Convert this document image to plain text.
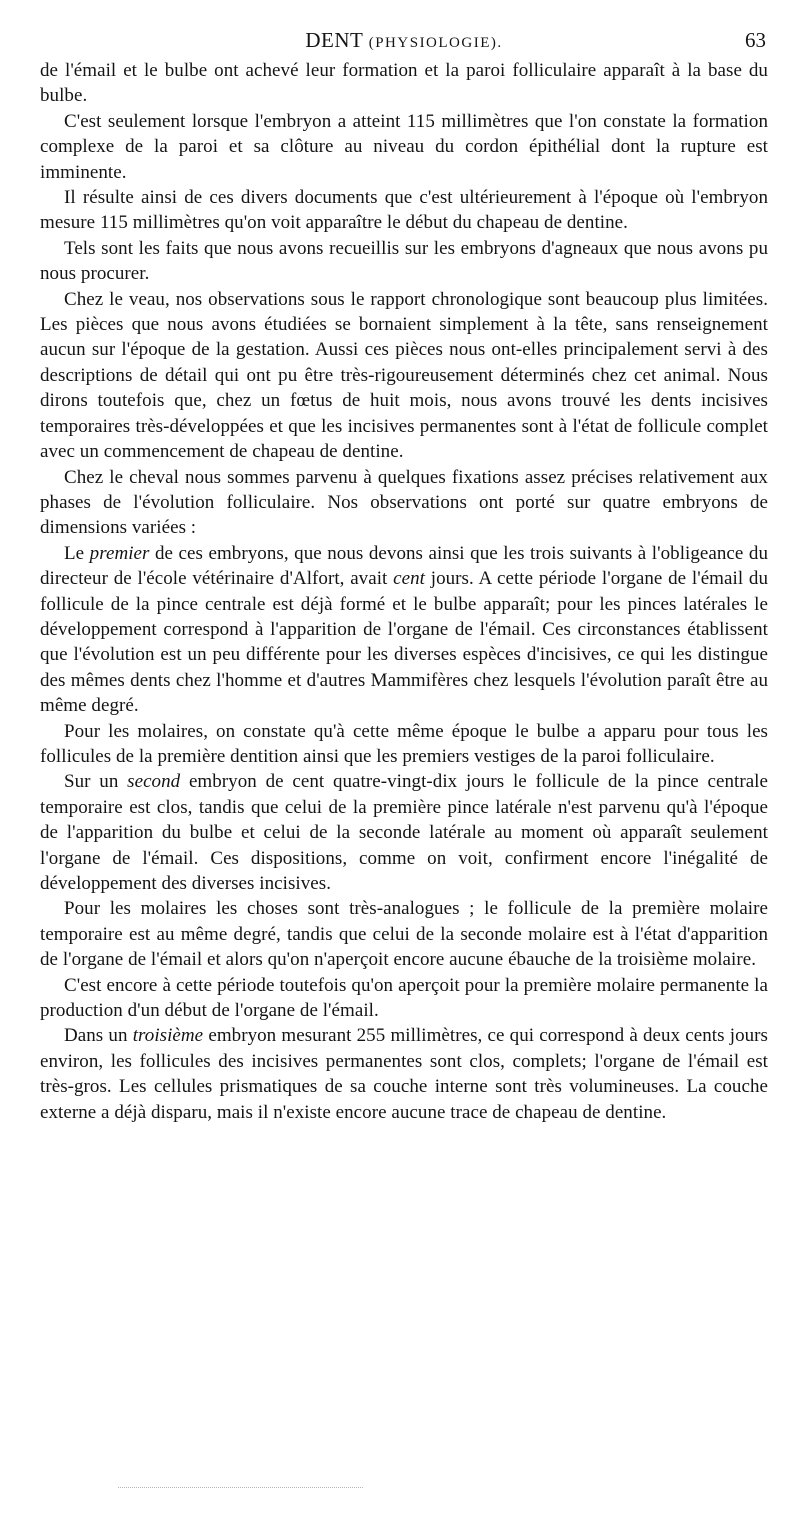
DENT (PHYSIOLOGIE).	63

de l'émail et le bulbe ont achevé leur formation et la paroi folliculaire apparaît à la base du bulbe.

C'est seulement lorsque l'embryon a atteint 115 millimètres que l'on constate la formation complexe de la paroi et sa clôture au niveau du cordon épithélial dont la rupture est imminente.

Il résulte ainsi de ces divers documents que c'est ultérieurement à l'époque où l'embryon mesure 115 millimètres qu'on voit apparaître le début du chapeau de dentine.

Tels sont les faits que nous avons recueillis sur les embryons d'agneaux que nous avons pu nous procurer.

Chez le veau, nos observations sous le rapport chronologique sont beaucoup plus limitées. Les pièces que nous avons étudiées se bornaient simplement à la tête, sans renseignement aucun sur l'époque de la gestation. Aussi ces pièces nous ont-elles principalement servi à des descriptions de détail qui ont pu être très-rigoureusement déterminés chez cet animal. Nous dirons toutefois que, chez un fœtus de huit mois, nous avons trouvé les dents incisives temporaires très-développées et que les incisives permanentes sont à l'état de follicule complet avec un commencement de chapeau de dentine.

Chez le cheval nous sommes parvenu à quelques fixations assez précises relativement aux phases de l'évolution folliculaire. Nos observations ont porté sur quatre embryons de dimensions variées :

Le premier de ces embryons, que nous devons ainsi que les trois suivants à l'obligeance du directeur de l'école vétérinaire d'Alfort, avait cent jours. A cette période l'organe de l'émail du follicule de la pince centrale est déjà formé et le bulbe apparaît; pour les pinces latérales le développement correspond à l'apparition de l'organe de l'émail. Ces circonstances établissent que l'évolution est un peu différente pour les diverses espèces d'incisives, ce qui les distingue des mêmes dents chez l'homme et d'autres Mammifères chez lesquels l'évolution paraît être au même degré.

Pour les molaires, on constate qu'à cette même époque le bulbe a apparu pour tous les follicules de la première dentition ainsi que les premiers vestiges de la paroi folliculaire.

Sur un second embryon de cent quatre-vingt-dix jours le follicule de la pince centrale temporaire est clos, tandis que celui de la première pince latérale n'est parvenu qu'à l'époque de l'apparition du bulbe et celui de la seconde latérale au moment où apparaît seulement l'organe de l'émail. Ces dispositions, comme on voit, confirment encore l'inégalité de développement des diverses incisives.

Pour les molaires les choses sont très-analogues ; le follicule de la première molaire temporaire est au même degré, tandis que celui de la seconde molaire est à l'état d'apparition de l'organe de l'émail et alors qu'on n'aperçoit encore aucune ébauche de la troisième molaire.

C'est encore à cette période toutefois qu'on aperçoit pour la première molaire permanente la production d'un début de l'organe de l'émail.

Dans un troisième embryon mesurant 255 millimètres, ce qui correspond à deux cents jours environ, les follicules des incisives permanentes sont clos, complets; l'organe de l'émail est très-gros. Les cellules prismatiques de sa couche interne sont très volumineuses. La couche externe a déjà disparu, mais il n'existe encore aucune trace de chapeau de dentine.
